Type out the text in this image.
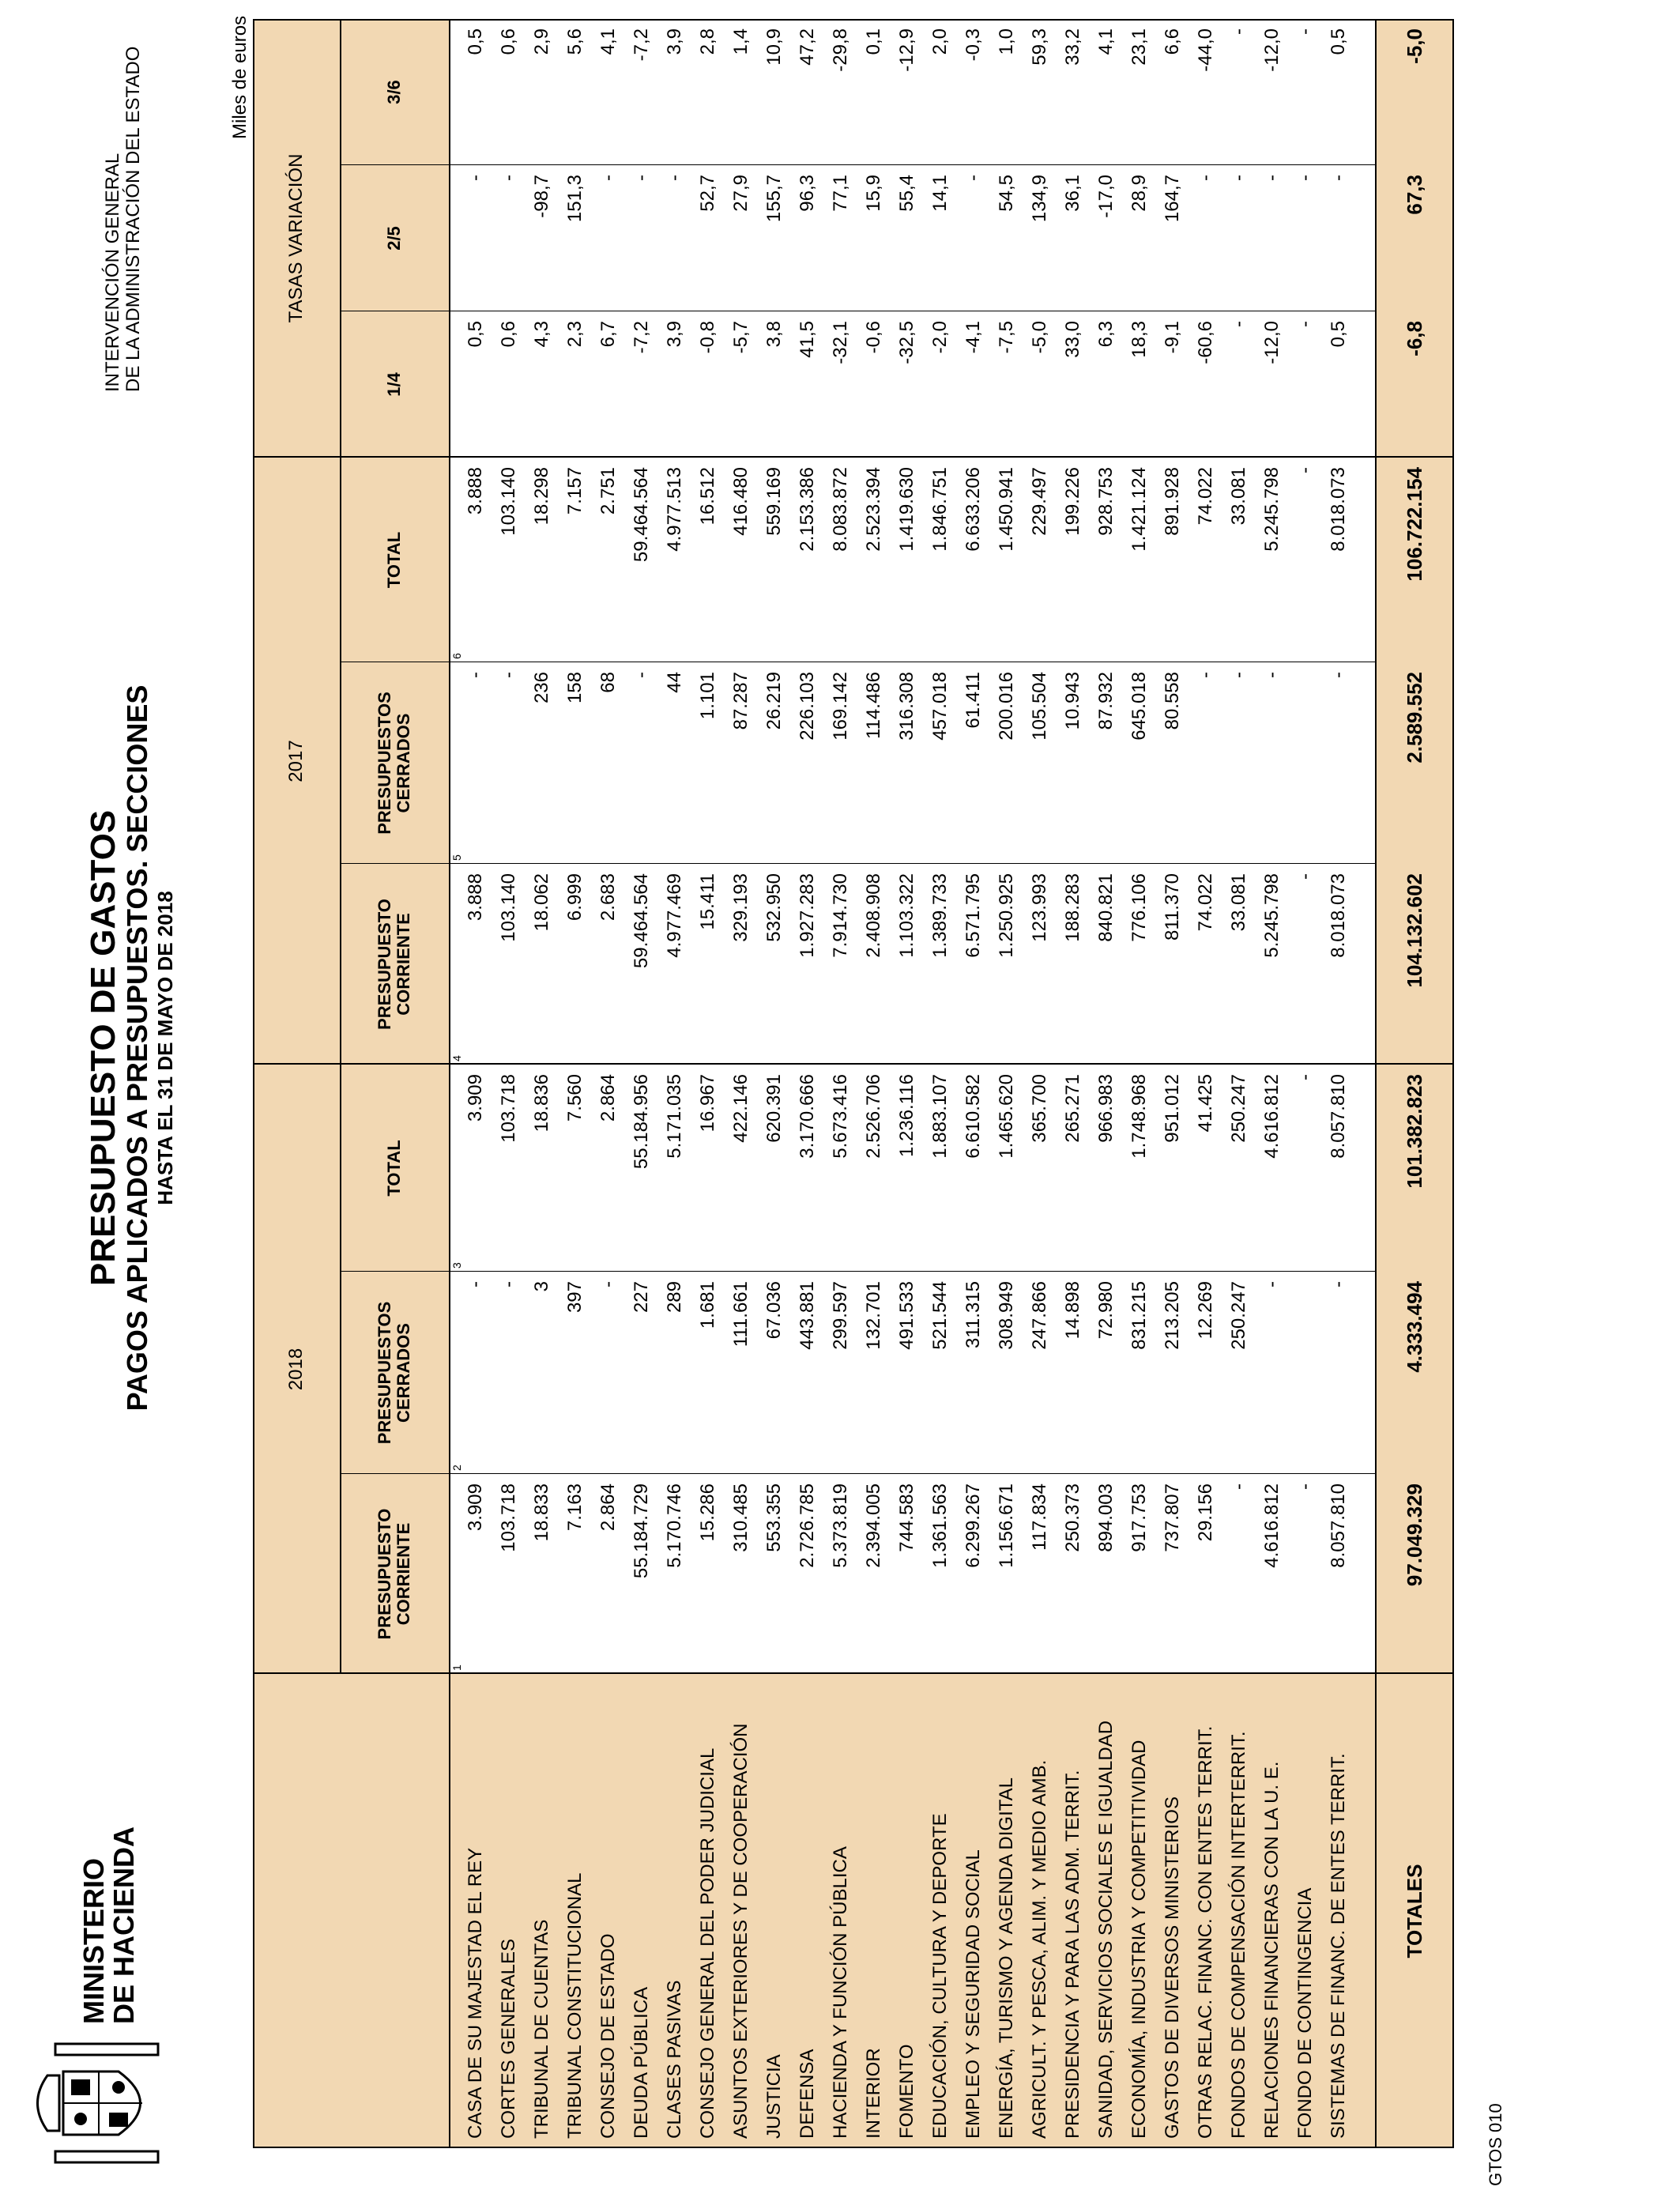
MINISTERIO
DE HACIENDA
PRESUPUESTO DE GASTOS
PAGOS APLICADOS A PRESUPUESTOS. SECCIONES HASTA EL 31 DE MAYO DE 2018
INTERVENCIÓN GENERAL DE LA ADMINISTRACIÓN DEL ESTADO	Miles de euros
2018
2017
TASAS VARIACIÓN
PRESUPUESTO CORRIENTE
PRESUPUESTOS CERRADOS
TOTAL
PRESUPUESTO CORRIENTE
PRESUPUESTOS CERRADOS
TOTAL
1/4
2/5
3/6
1
2
3
4
5
6
CASA DE SU MAJESTAD EL REY
3.909
-
3.909
3.888
-
3.888
0,5
-
0,5
CORTES GENERALES
103.718
-
103.718
103.140
-
103.140
0,6
-
0,6
TRIBUNAL DE CUENTAS
18.833
3
18.836
18.062
236
18.298
4,3
-98,7
2,9
TRIBUNAL CONSTITUCIONAL
7.163
397
7.560
6.999
158
7.157
2,3
151,3
5,6
CONSEJO DE ESTADO
2.864
-
2.864
2.683
68
2.751
6,7
-
4,1
DEUDA PÚBLICA
55.184.729
227
55.184.956
59.464.564
-
59.464.564
-7,2
-
-7,2
CLASES PASIVAS
5.170.746
289
5.171.035
4.977.469
44
4.977.513
3,9
-
3,9
CONSEJO GENERAL DEL PODER JUDICIAL
15.286
1.681
16.967
15.411
1.101
16.512
-0,8
52,7
2,8
ASUNTOS EXTERIORES Y DE COOPERACIÓN
310.485
111.661
422.146
329.193
87.287
416.480
-5,7
27,9
1,4
JUSTICIA
553.355
67.036
620.391
532.950
26.219
559.169
3,8
155,7
10,9
DEFENSA
2.726.785
443.881
3.170.666
1.927.283
226.103
2.153.386
41,5
96,3
47,2
HACIENDA Y FUNCIÓN PÚBLICA
5.373.819
299.597
5.673.416
7.914.730
169.142
8.083.872
-32,1
77,1
-29,8
INTERIOR
2.394.005
132.701
2.526.706
2.408.908
114.486
2.523.394
-0,6
15,9
0,1
FOMENTO
744.583
491.533
1.236.116
1.103.322
316.308
1.419.630
-32,5
55,4
-12,9
EDUCACIÓN, CULTURA Y DEPORTE
1.361.563
521.544
1.883.107
1.389.733
457.018
1.846.751
-2,0
14,1
2,0
EMPLEO Y SEGURIDAD SOCIAL
6.299.267
311.315
6.610.582
6.571.795
61.411
6.633.206
-4,1
-
-0,3
ENERGÍA, TURISMO Y AGENDA DIGITAL
1.156.671
308.949
1.465.620
1.250.925
200.016
1.450.941
-7,5
54,5
1,0
AGRICULT. Y PESCA, ALIM. Y MEDIO AMB.
117.834
247.866
365.700
123.993
105.504
229.497
-5,0
134,9
59,3
PRESIDENCIA Y PARA LAS ADM. TERRIT.
250.373
14.898
265.271
188.283
10.943
199.226
33,0
36,1
33,2
SANIDAD, SERVICIOS SOCIALES E IGUALDAD
894.003
72.980
966.983
840.821
87.932
928.753
6,3
-17,0
4,1
ECONOMÍA, INDUSTRIA Y COMPETITIVIDAD
917.753
831.215
1.748.968
776.106
645.018
1.421.124
18,3
28,9
23,1
GASTOS DE DIVERSOS MINISTERIOS
737.807
213.205
951.012
811.370
80.558
891.928
-9,1
164,7
6,6
OTRAS RELAC. FINANC. CON ENTES TERRIT.
29.156
12.269
41.425
74.022
-
74.022
-60,6
-
-44,0
FONDOS DE COMPENSACIÓN INTERTERRIT.
-
250.247
250.247
33.081
-
33.081
-
-
-
RELACIONES FINANCIERAS CON LA U. E.
4.616.812
-
4.616.812
5.245.798
-
5.245.798
-12,0
-
-12,0
FONDO DE CONTINGENCIA
-
-
-
-
-
-
-
SISTEMAS DE FINANC. DE ENTES TERRIT.
8.057.810
-
8.057.810
8.018.073
-
8.018.073
0,5
-
0,5
TOTALES
97.049.329
4.333.494
101.382.823
104.132.602
2.589.552
106.722.154
-6,8
67,3
-5,0
GTOS 010
